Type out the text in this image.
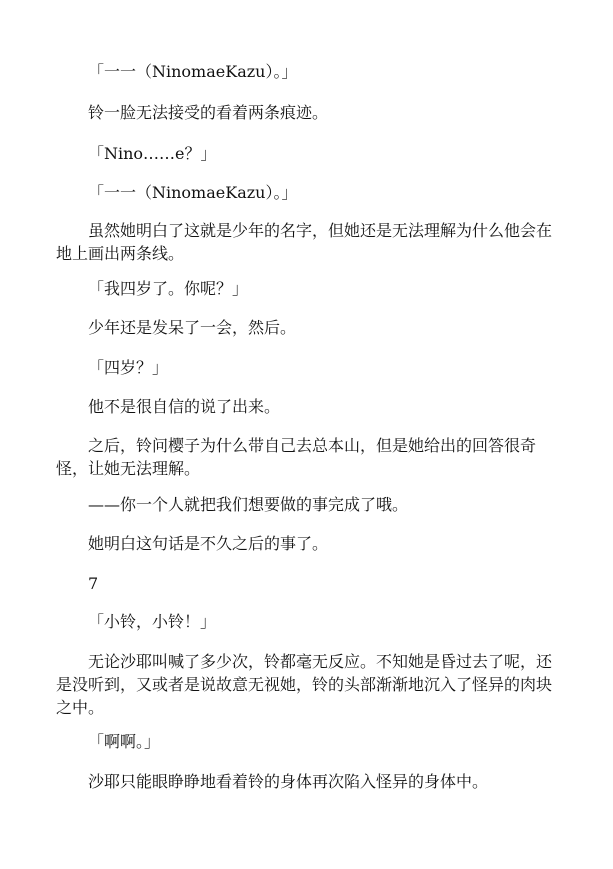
「一一（NinomaeKazu）。」

铃一脸无法接受的看着两条痕迹。

「Nino……e？」

「一一（NinomaeKazu）。」

虽然她明白了这就是少年的名字，但她还是无法理解为什么他会在地上画出两条线。

「我四岁了。你呢？」

少年还是发呆了一会，然后。

「四岁？」

他不是很自信的说了出来。

之后，铃问樱子为什么带自己去总本山，但是她给出的回答很奇怪，让她无法理解。

——你一个人就把我们想要做的事完成了哦。

她明白这句话是不久之后的事了。

7

「小铃，小铃！」

无论沙耶叫喊了多少次，铃都毫无反应。不知她是昏过去了呢，还是没听到，又或者是说故意无视她，铃的头部渐渐地沉入了怪异的肉块之中。

「啊啊。」

沙耶只能眼睁睁地看着铃的身体再次陷入怪异的身体中。
